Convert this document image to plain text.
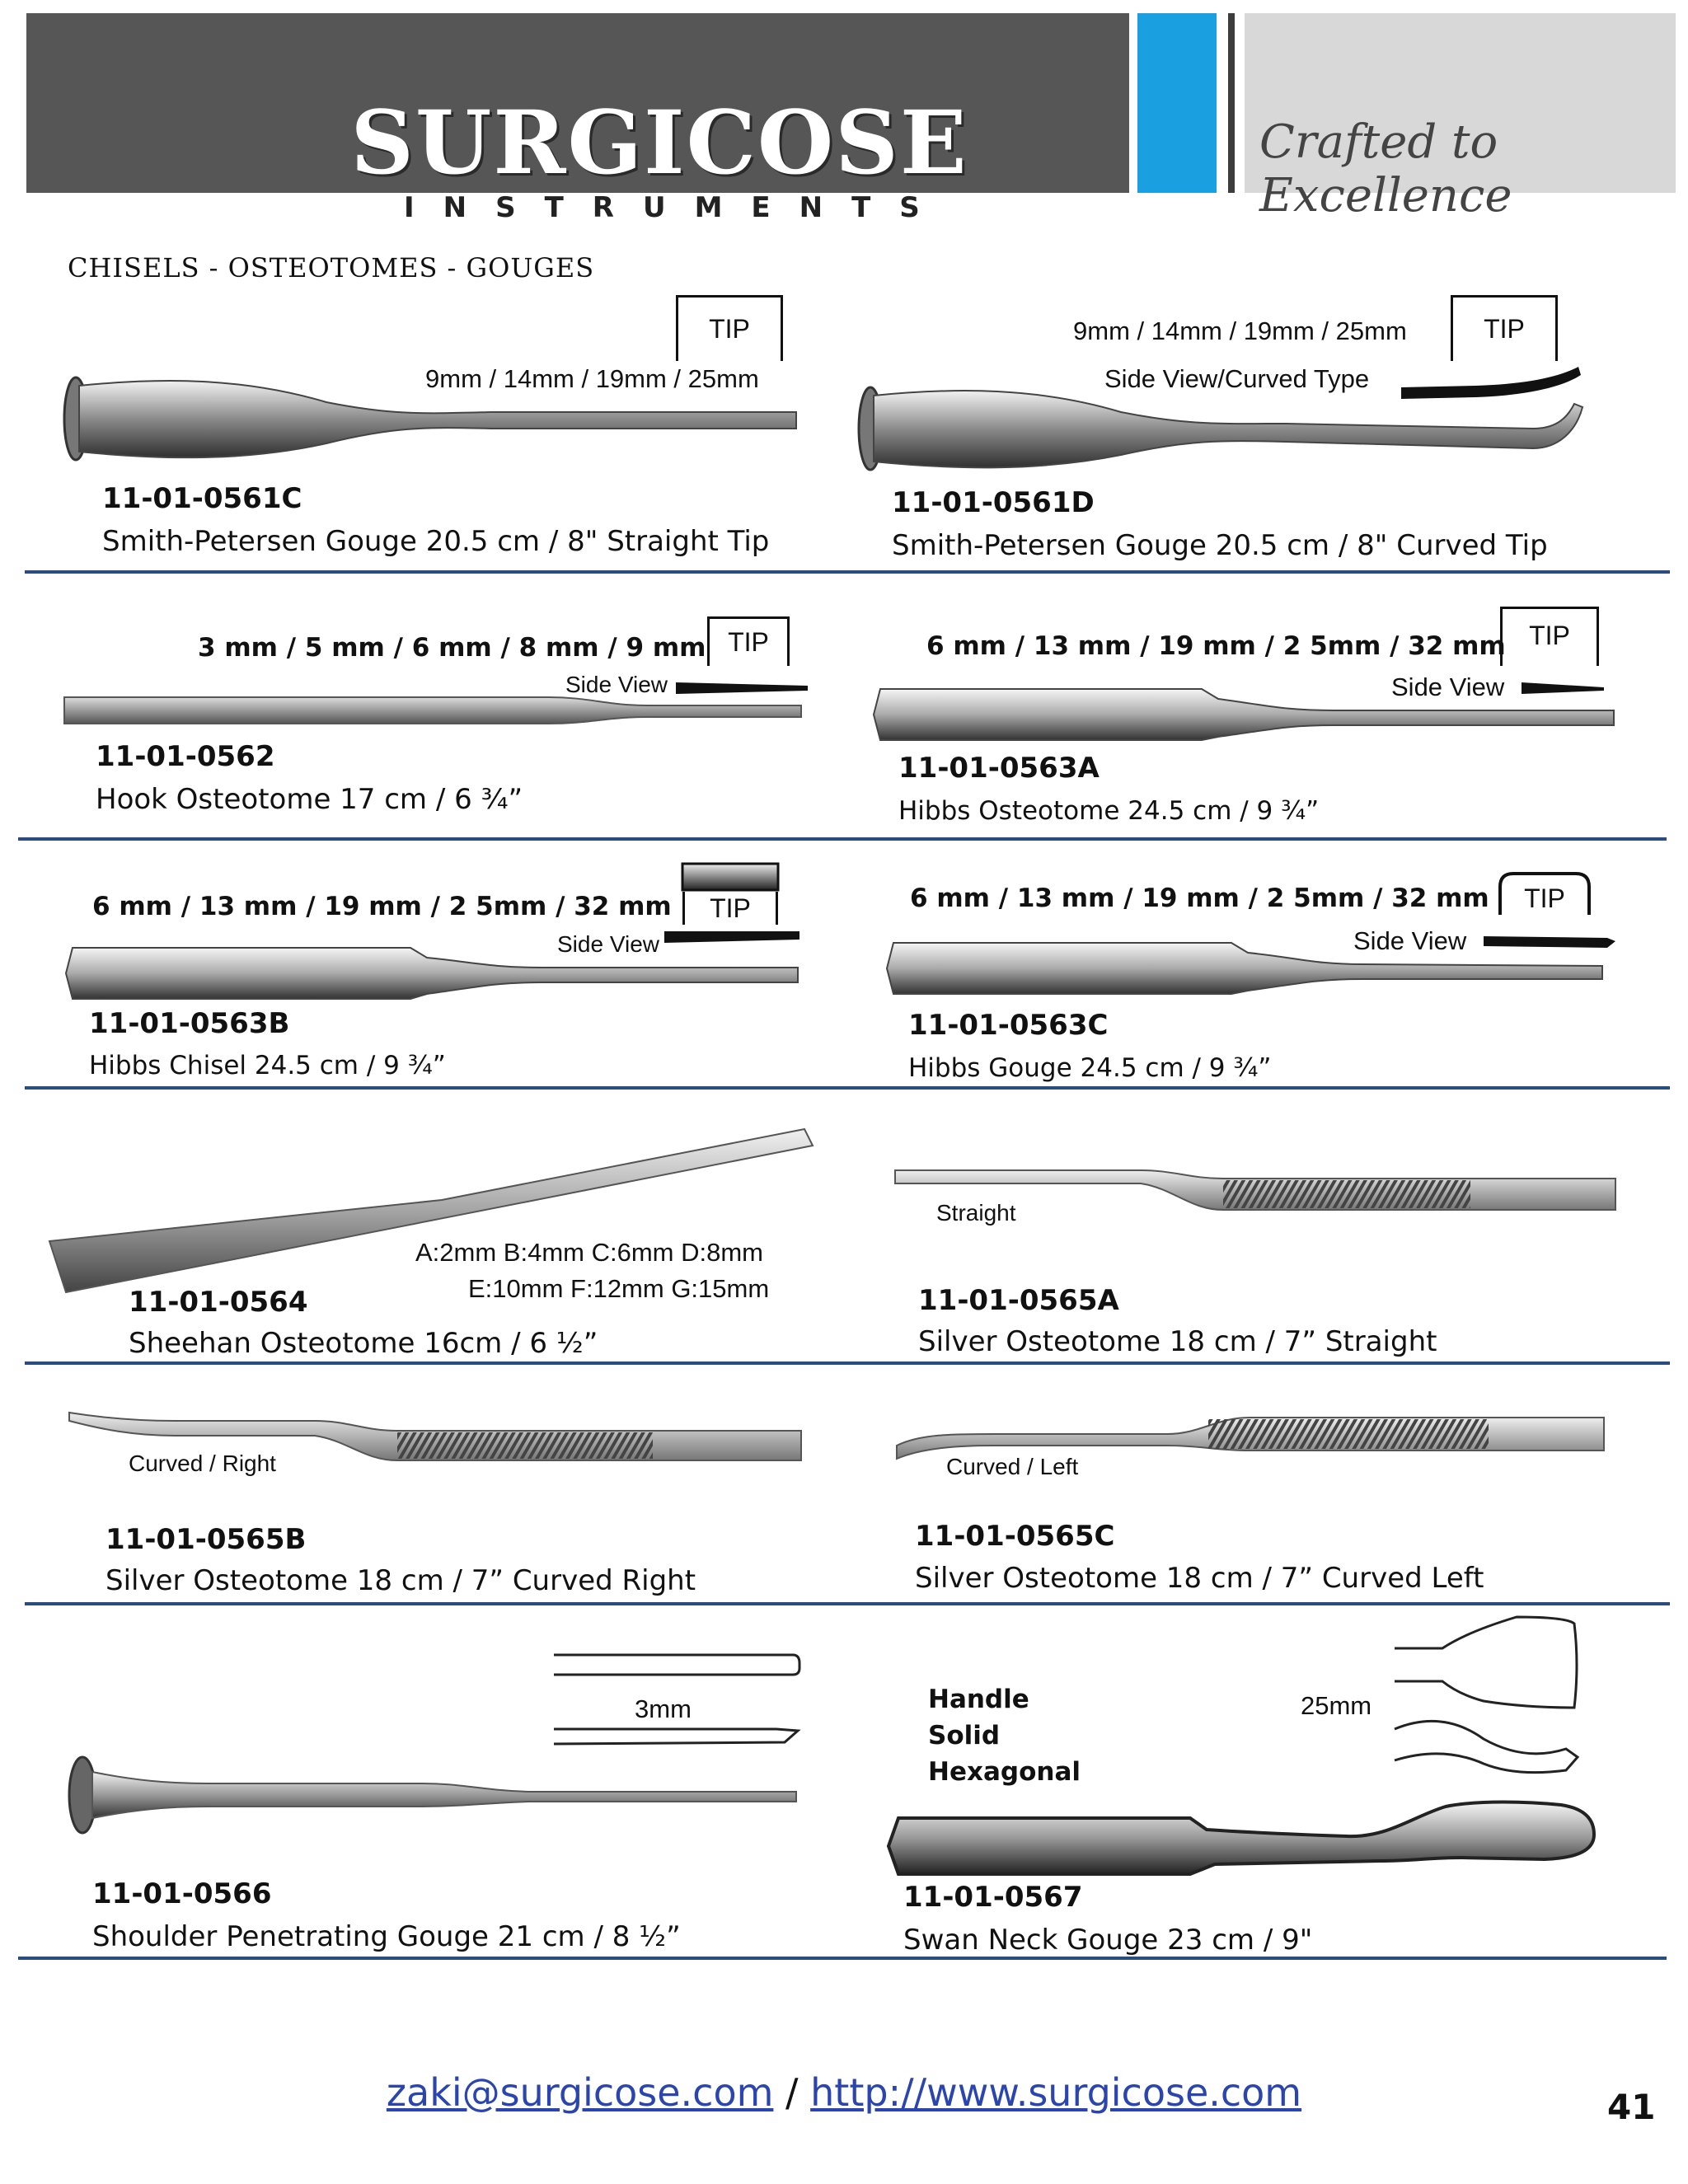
SURGICOSE
INSTRUMENTS
Crafted to Excellence
CHISELS - OSTEOTOMES - GOUGES
TIP
9mm / 14mm / 19mm / 25mm
11-01-0561C
Smith-Petersen Gouge 20.5 cm / 8" Straight Tip
TIP
9mm / 14mm / 19mm / 25mm
Side View/Curved Type
11-01-0561D
Smith-Petersen Gouge 20.5 cm / 8" Curved Tip
3 mm / 5 mm / 6 mm / 8 mm / 9 mm TIP
Side View
11-01-0562
Hook Osteotome 17 cm / 6 ¾”
6 mm / 13 mm / 19 mm / 2 5mm / 32 mm TIP
Side View
11-01-0563A
Hibbs Osteotome 24.5 cm / 9 ¾”
6 mm / 13 mm / 19 mm / 2 5mm / 32 mm	TIP
Side View
11-01-0563B
Hibbs Chisel 24.5 cm / 9 ¾”
6 mm / 13 mm / 19 mm / 2 5mm / 32 mm	TIP
Side View
11-01-0563C
Hibbs Gouge 24.5 cm / 9 ¾”
A:2mm B:4mm C:6mm D:8mm
E:10mm F:12mm G:15mm
11-01-0564
Sheehan Osteotome 16cm / 6 ½”
Straight
11-01-0565A
Silver Osteotome 18 cm / 7” Straight
Curved / Right
11-01-0565B
Silver Osteotome 18 cm / 7” Curved Right
Curved / Left
11-01-0565C
Silver Osteotome 18 cm / 7” Curved Left
3mm
11-01-0566
Shoulder Penetrating Gouge 21 cm / 8 ½”
Handle
Solid
Hexagonal
25mm
11-01-0567
Swan Neck Gouge 23 cm / 9"
zaki@surgicose.com / http://www.surgicose.com	41
